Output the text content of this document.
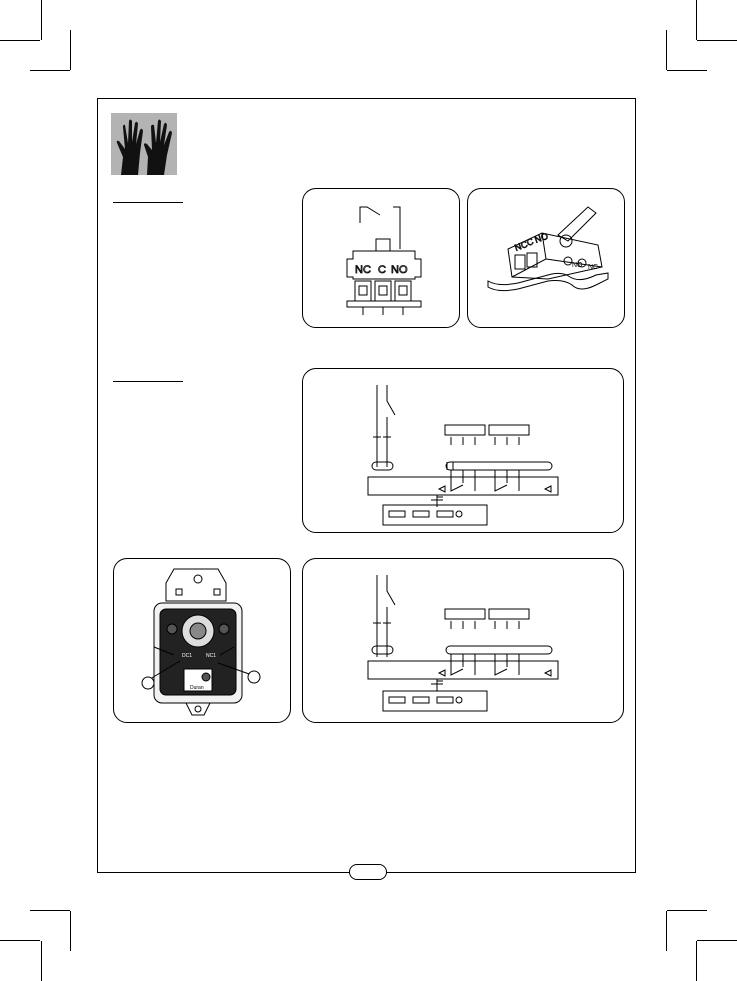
NC C NO
NC
C
NO
NO NC
DC1	NC1
Duran
